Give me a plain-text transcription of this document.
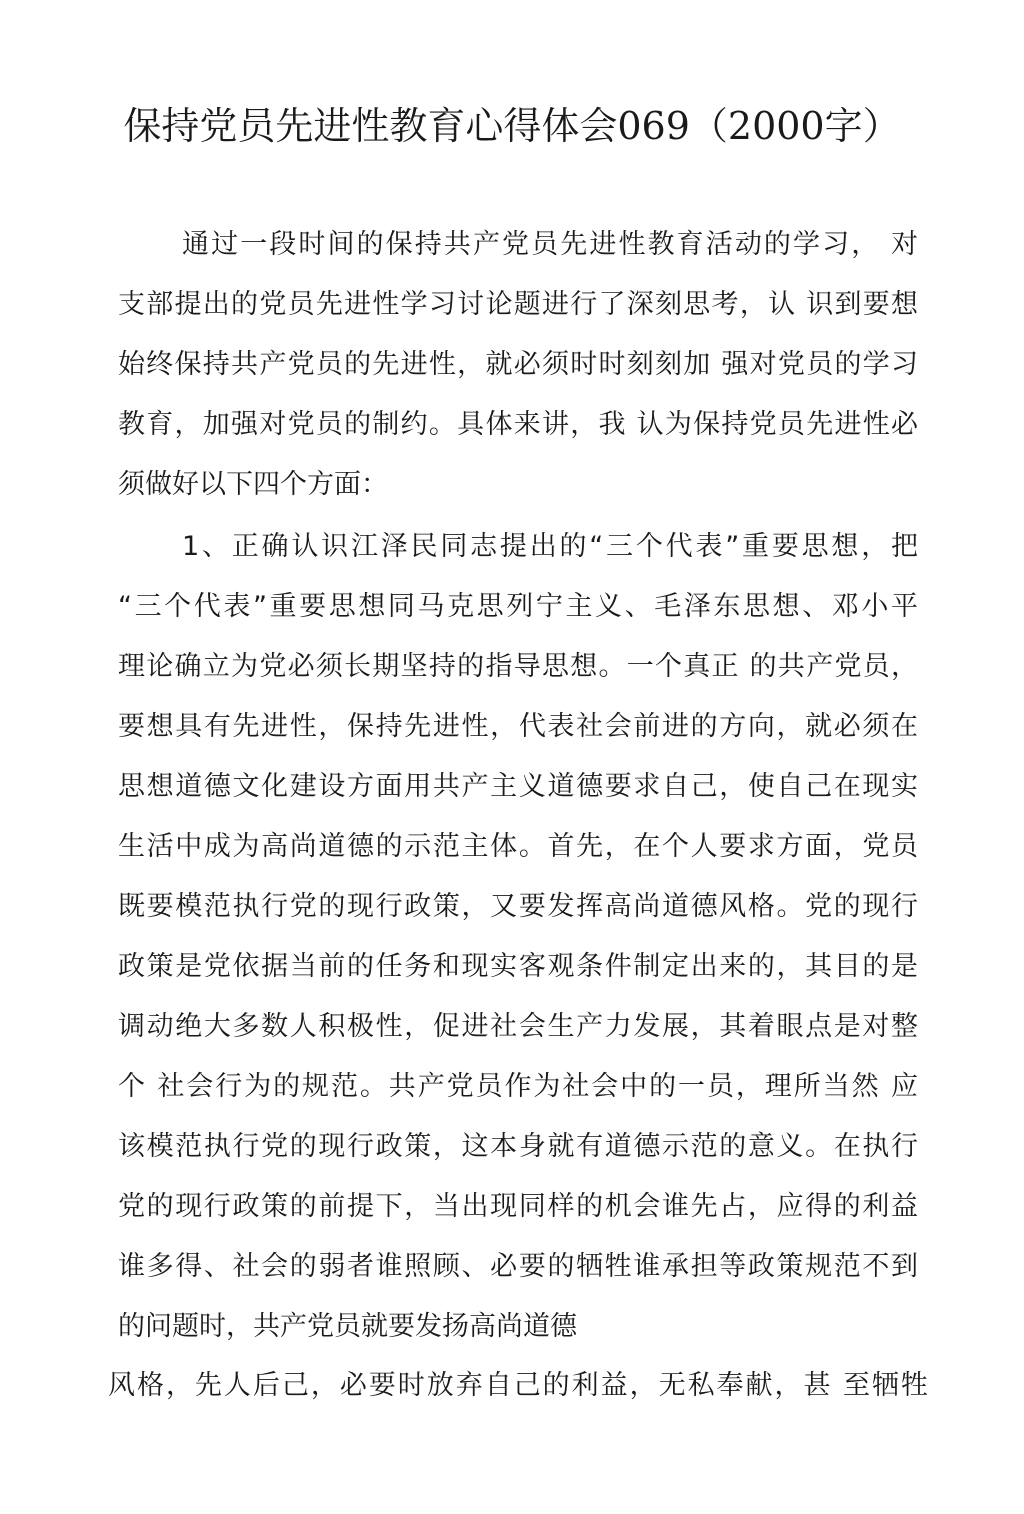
保持党员先进性教育心得体会069（2000字）
通过一段时间的保持共产党员先进性教育活动的学习， 对
支部提出的党员先进性学习讨论题进行了深刻思考，认 识到要想
始终保持共产党员的先进性，就必须时时刻刻加 强对党员的学习
教育，加强对党员的制约。具体来讲，我 认为保持党员先进性必
须做好以下四个方面：
1、正确认识江泽民同志提出的“三个代表”重要思想，把
“三个代表”重要思想同马克思列宁主义、毛泽东思想、邓小平
理论确立为党必须长期坚持的指导思想。一个真正 的共产党员，
要想具有先进性，保持先进性，代表社会前进的方向，就必须在
思想道德文化建设方面用共产主义道德要求自己，使自己在现实
生活中成为高尚道德的示范主体。首先，在个人要求方面，党员
既要模范执行党的现行政策，又要发挥高尚道德风格。党的现行
政策是党依据当前的任务和现实客观条件制定出来的，其目的是
调动绝大多数人积极性，促进社会生产力发展，其着眼点是对整
个 社会行为的规范。共产党员作为社会中的一员，理所当然 应
该模范执行党的现行政策，这本身就有道德示范的意义。在执行
党的现行政策的前提下，当出现同样的机会谁先占，应得的利益
谁多得、社会的弱者谁照顾、必要的牺牲谁承担等政策规范不到
的问题时，共产党员就要发扬高尚道德

风格，先人后己，必要时放弃自己的利益，无私奉献，甚 至牺牲
